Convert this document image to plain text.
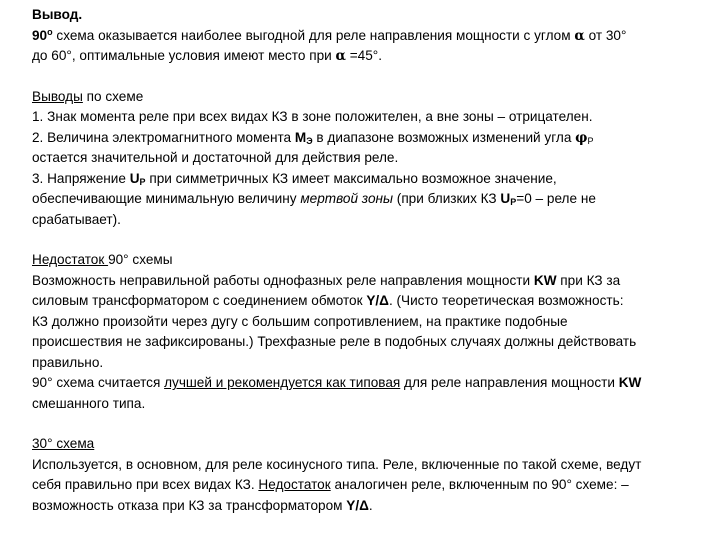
Вывод.

90$^o$ схема оказывается наиболее выгодной для реле направления мощности с углом α от 30°

до 60°, оптимальные условия имеют место при α =45°.

Выводы по схеме

1. Знак момента реле при всех видах КЗ в зоне положителен, а вне зоны – отрицателен.

2. Величина электромагнитного момента $М_Э$ в диапазоне возможных изменений угла $\varphi_Р$

остается значительной и достаточной для действия реле.

3. Напряжение $U_Р$ при симметричных КЗ имеет максимально возможное значение,

обеспечивающие минимальную величину мертвой зоны (при близких КЗ $U_Р=0$ – реле не

срабатывает).

Недостаток 90° схемы

Возможность неправильной работы однофазных реле направления мощности KW при КЗ за

силовым трансформатором с соединением обмоток Y/Δ. (Чисто теоретическая возможность:

КЗ должно произойти через дугу с большим сопротивлением, на практике подобные

происшествия не зафиксированы.) Трехфазные реле в подобных случаях должны действовать

правильно.

90° схема считается лучшей и рекомендуется как типовая для реле направления мощности KW

смешанного типа.

30° схема

Используется, в основном, для реле косинусного типа. Реле, включенные по такой схеме, ведут

себя правильно при всех видах КЗ. Недостаток аналогичен реле, включенным по 90° схеме: –

возможность отказа при КЗ за трансформатором Y/Δ.
